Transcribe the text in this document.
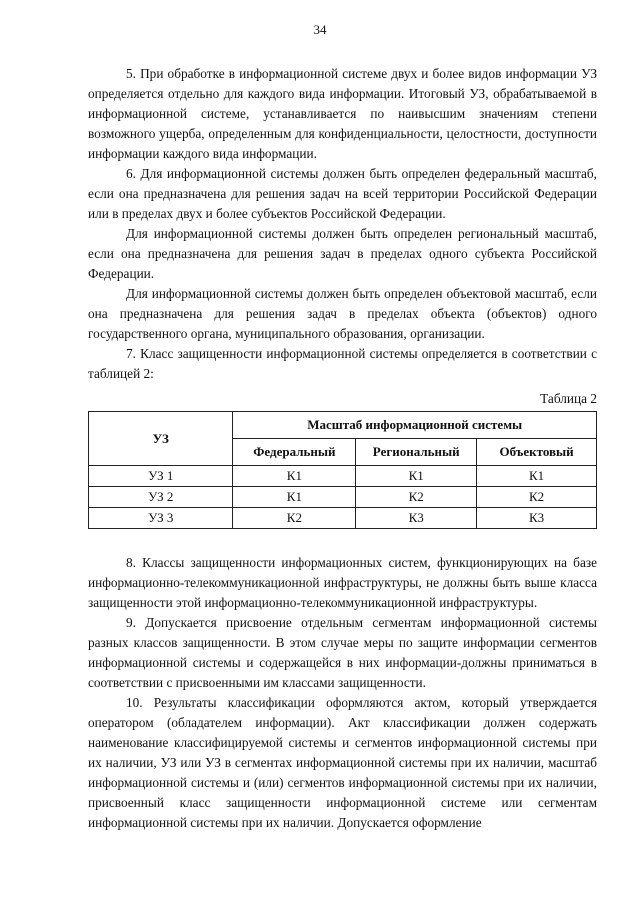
34

5. При обработке в информационной системе двух и более видов информации УЗ определяется отдельно для каждого вида информации. Итоговый УЗ, обрабатываемой в информационной системе, устанавливается по наивысшим значениям степени возможного ущерба, определенным для конфиденциальности, целостности, доступности информации каждого вида информации.

6. Для информационной системы должен быть определен федеральный масштаб, если она предназначена для решения задач на всей территории Российской Федерации или в пределах двух и более субъектов Российской Федерации.

Для информационной системы должен быть определен региональный масштаб, если она предназначена для решения задач в пределах одного субъекта Российской Федерации.

Для информационной системы должен быть определен объектовой масштаб, если она предназначена для решения задач в пределах объекта (объектов) одного государственного органа, муниципального образования, организации.

7. Класс защищенности информационной системы определяется в соответствии с таблицей 2:

Таблица 2
УЗ	Масштаб информационной системы		
	Федеральный	Региональный	Объектовый
УЗ 1	К1	К1	К1
УЗ 2	К1	К2	К2
УЗ 3	К2	К3	К3

8. Классы защищенности информационных систем, функционирующих на базе информационно-телекоммуникационной инфраструктуры, не должны быть выше класса защищенности этой информационно-телекоммуникационной инфраструктуры.

9. Допускается присвоение отдельным сегментам информационной системы разных классов защищенности. В этом случае меры по защите информации сегментов информационной системы и содержащейся в них информации-должны приниматься в соответствии с присвоенными им классами защищенности.

10. Результаты классификации оформляются актом, который утверждается оператором (обладателем информации). Акт классификации должен содержать наименование классифицируемой системы и сегментов информационной системы при их наличии, УЗ или УЗ в сегментах информационной системы при их наличии, масштаб информационной системы и (или) сегментов информационной системы при их наличии, присвоенный класс защищенности информационной системе или сегментам информационной системы при их наличии. Допускается оформление
